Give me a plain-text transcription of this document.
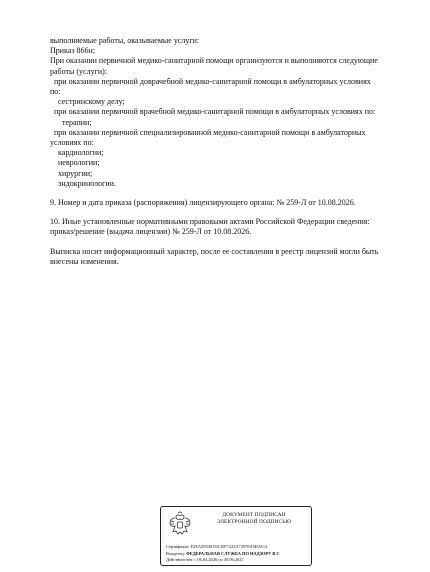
выполняемые работы, оказываемые услуги:
Приказ 866н;
При оказании первичной медико-санитарной помощи организуются и выполняются следующие
работы (услуги):
при оказании первичной доврачебной медико-санитарной помощи в амбулаторных условиях
по:
сестринскому делу;
при оказании первичной врачебной медико-санитарной помощи в амбулаторных условиях по:
терапии;
при оказании первичной специализированной медико-санитарной помощи в амбулаторных
условиях по:
кардиологии;
неврологии;
хирургии;
эндокринологии.
9. Номер и дата приказа (распоряжения) лицензирующего органа: № 259-Л от 10.08.2026.
10. Иные установленные нормативными правовыми актами Российской Федерации сведения:
приказ/решение (выдача лицензии) № 259-Л от 10.08.2026.
Выписка носит информационный характер, после ее составления в реестр лицензий могли быть
внесены изменения.
ДОКУМЕНТ ПОДПИСАН
ЭЛЕКТРОННОЙ ПОДПИСЬЮ
Сертификат: F2EA5954818A35F7222A72978A5E0A12
Владелец: ФЕДЕРАЛЬНАЯ СЛУЖБА ПО НАДЗОРУ В С
Действителен: с 06.04.2026 по 30.06.2027
